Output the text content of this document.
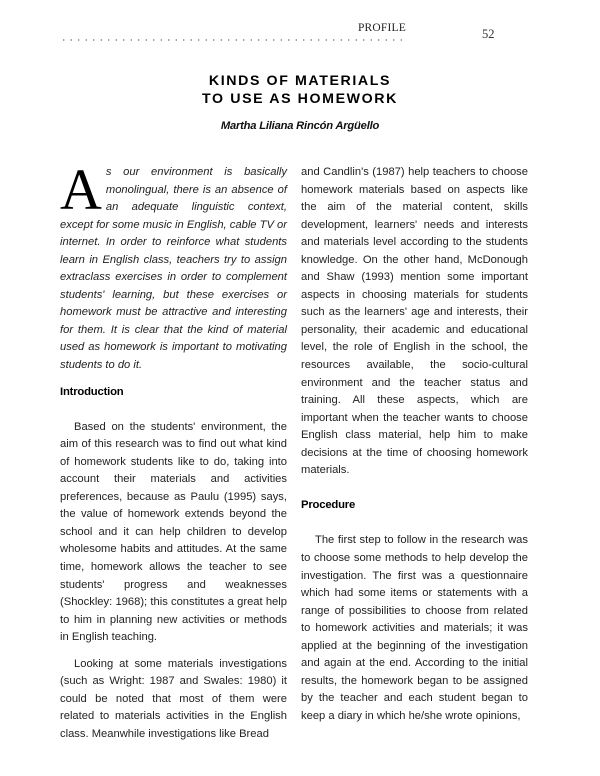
PROFILE	52
KINDS OF MATERIALS
TO USE AS HOMEWORK
Martha Liliana Rincón Argüello

As our environment is basically monolingual, there is an absence of an adequate linguistic context, except for some music in English, cable TV or internet. In order to reinforce what students learn in English class, teachers try to assign extraclass exercises in order to complement students' learning, but these exercises or homework must be attractive and interesting for them. It is clear that the kind of material used as homework is important to motivating students to do it.

Introduction

Based on the students' environment, the aim of this research was to find out what kind of homework students like to do, taking into account their materials and activities preferences, because as Paulu (1995) says, the value of homework extends beyond the school and it can help children to develop wholesome habits and attitudes. At the same time, homework allows the teacher to see students' progress and weaknesses (Shockley: 1968); this constitutes a great help to him in planning new activities or methods in English teaching.

Looking at some materials investigations (such as Wright: 1987 and Swales: 1980) it could be noted that most of them were related to materials activities in the English class. Meanwhile investigations like Bread

and Candlin's (1987) help teachers to choose homework materials based on aspects like the aim of the material content, skills development, learners' needs and interests and materials level according to the students knowledge. On the other hand, McDonough and Shaw (1993) mention some important aspects in choosing materials for students such as the learners' age and interests, their personality, their academic and educational level, the role of English in the school, the resources available, the socio-cultural environment and the teacher status and training. All these aspects, which are important when the teacher wants to choose English class material, help him to make decisions at the time of choosing homework materials.

Procedure

The first step to follow in the research was to choose some methods to help develop the investigation. The first was a questionnaire which had some items or statements with a range of possibilities to choose from related to homework activities and materials; it was applied at the beginning of the investigation and again at the end. According to the initial results, the homework began to be assigned by the teacher and each student began to keep a diary in which he/she wrote opinions,
